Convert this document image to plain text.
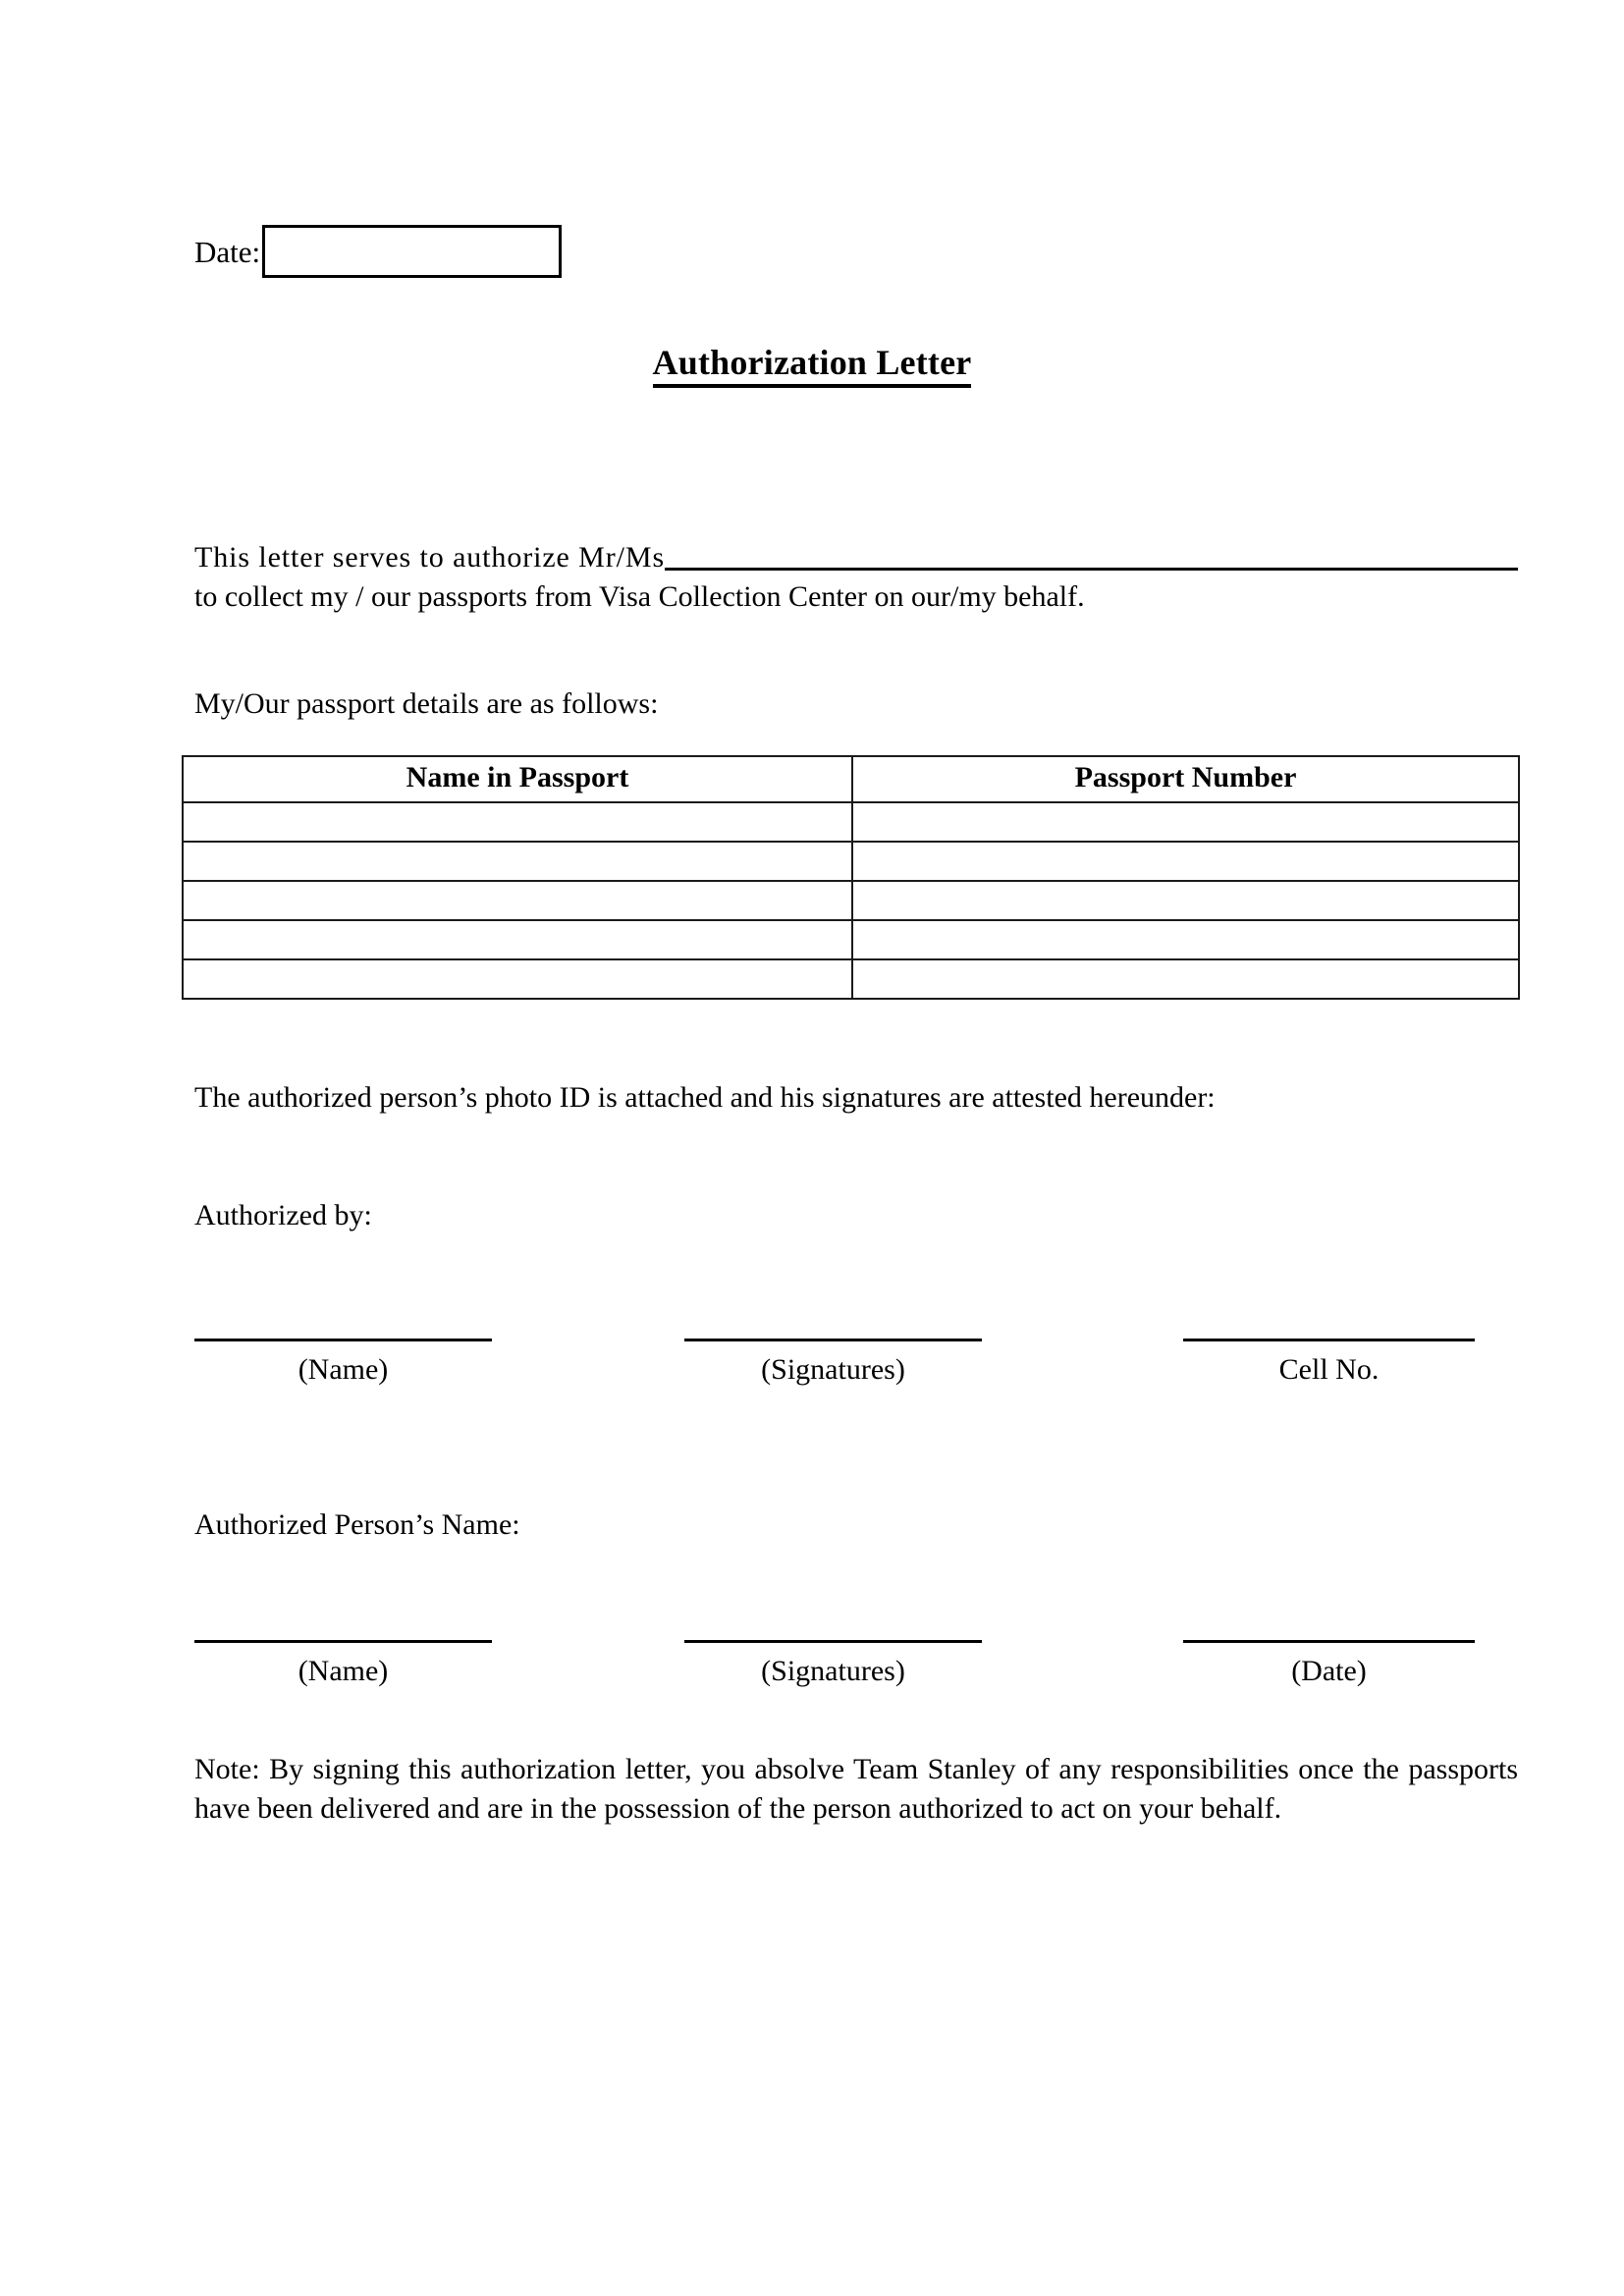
Date:
Authorization Letter
This letter serves to authorize Mr/Ms
to collect my / our passports from Visa Collection Center on our/my behalf.
My/Our passport details are as follows:
Name in Passport	Passport Number

The authorized person’s photo ID is attached and his signatures are attested hereunder:
Authorized by:
(Name)	(Signatures)	Cell No.
Authorized Person’s Name:
(Name)	(Signatures)	(Date)
Note: By signing this authorization letter, you absolve Team Stanley of any responsibilities once the passports have been delivered and are in the possession of the person authorized to act on your behalf.
